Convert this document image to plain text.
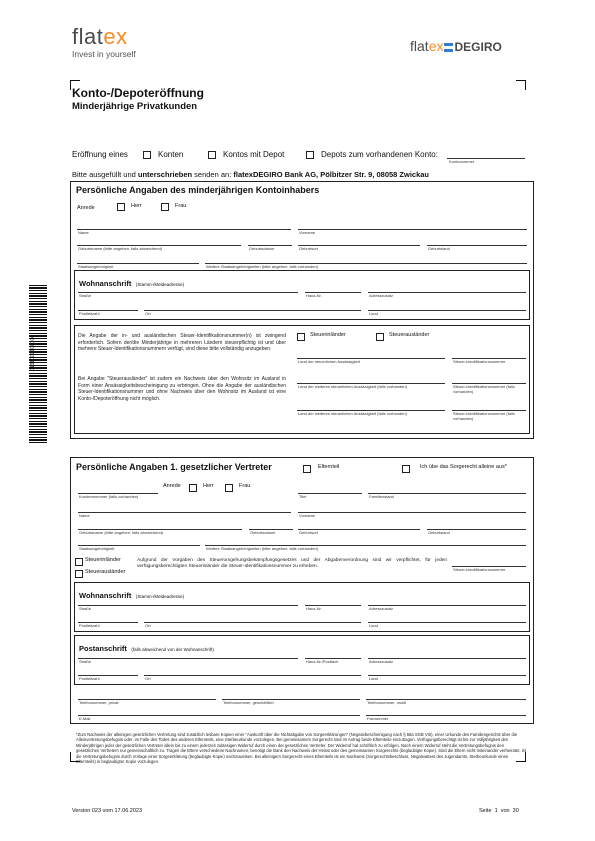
flatex
Invest in yourself	flatex DEGIRO
Konto-/Depoteröffnung
Minderjährige Privatkunden
Eröffnung eines	Konten	Kontos mit Depot	Depots zum vorhandenen Konto:
Kontonummer
Bitte ausgefüllt und unterschrieben senden an: flatexDEGIRO Bank AG, Pölbitzer Str. 9, 08058 Zwickau
0131000100106
Persönliche Angaben des minderjährigen Kontoinhabers
Anrede	Herr	Frau
Name	Vorname
Geburtsname (bitte angeben, falls abweichend)	Geburtsdatum	Geburtsort	Geburtsland
Staatsangehörigkeit	Weitere Staatsangehörigkeiten (bitte angeben, falls vorhanden)
Wohnanschrift (Stamm-/Meldeadresse)
Straße	Haus-Nr.	Adresszusatz
Postleitzahl	Ort	Land
Die Angabe der in- und ausländischen Steuer-Identifikationsnummer(n) ist zwingend erforderlich. Sofern der/die Minderjährige in mehreren Ländern steuerpflichtig ist und über mehrere Steuer-Identifikationsnummern verfügt, sind diese bitte vollständig anzugeben.
Bei Angabe "Steuerausländer" ist zudem ein Nachweis über den Wohnsitz im Ausland in Form einer Ansässigkeitsbescheinigung zu erbringen. Ohne die Angabe der ausländischen Steuer-Identifikationsnummer und ohne Nachweis über den Wohnsitz im Ausland ist eine Konto-/Depoteröffnung nicht möglich.
Steuerinländer	Steuerausländer
Land der steuerlichen Ansässigkeit	Steuer-Identifikationsnummer
Land der weiteren steuerlichen Ansässigkeit (falls vorhanden)	Steuer-Identifikationsnummer (falls vorhanden)
Land der weiteren steuerlichen Ansässigkeit (falls vorhanden)	Steuer-Identifikationsnummer (falls vorhanden)
Persönliche Angaben 1. gesetzlicher Vertreter	Elternteil	Ich übe das Sorgerecht alleine aus*
Anrede	Herr	Frau
Kundennummer (falls vorhanden)	Titel	Familienstand
Name	Vorname
Geburtsname (bitte angeben, falls abweichend)	Geburtsdatum	Geburtsort	Geburtsland
Staatsangehörigkeit	Weitere Staatsangehörigkeiten (bitte angeben, falls vorhanden)
Steuerinländer
Steuerausländer
Aufgrund der Vorgaben des Steuerumgehungsbekämpfungsgesetzes und der Abgabenverordnung sind wir verpflichtet, für jeden verfügungsberechtigten Steuerinländer die Steuer-Identifikationsnummer zu erheben.
Steuer-Identifikationsnummer
Wohnanschrift (Stamm-/Meldeadresse)
Straße	Haus-Nr.	Adresszusatz
Postleitzahl	Ort	Land
Postanschrift (falls abweichend von der Wohnanschrift)
Straße	Haus-Nr./Postfach	Adresszusatz
Postleitzahl	Ort	Land
Telefonnummer, privat	Telefonnummer, geschäftlich	Telefonnummer, mobil
E-Mail	Faxnummer
*Zum Nachweis der alleinigen gesetzlichen Vertretung sind zusätzlich lesbare Kopien einer "Auskunft über die Nichtabgabe von Sorgeerklärungen" (Negativbescheinigung nach § 58a SGB VIII), einer Urkunde des Familiengerichts über die Alleinvertretungsbefugnis oder, im Falle des Todes des anderen Elternteils, eine Sterbeurkunde vorzulegen. Bei gemeinsamem Sorgerecht sind im Antrag beide Elternteile einzutragen. Verfügungsberechtigt ist bis zur Volljährigkeit des Minderjährigen jeder der gesetzlichen Vertreter allein bis zu einem jederzeit zulässigen Widerruf durch einen der gesetzlichen Vertreter. Der Widerruf hat schriftlich zu erfolgen. Nach einem Widerruf steht die Vertretungsbefugnis den gesetzlichen Vertretern nur gemeinschaftlich zu. Tragen die Eltern verschiedene Nachnamen, benötigt die Bank den Nachweis der Heirat oder des gemeinsamen Sorgerechts (beglaubigte Kopie). Sind die Eltern nicht miteinander verheiratet, ist die Vertretungsbefugnis durch Vorlage einer Sorgeerklärung (beglaubigte Kopie) nachzuweisen. Bei alleinigem Sorgerecht eines Elternteils ist ein Nachweis (Sorgerechtsbeschluss, Negativattest des Jugendamts, Sterbeurkunde eines Elternteils) in beglaubigter Kopie vorzulegen.
Version 023 vom 17.06.2023	Seite  1  von  30
